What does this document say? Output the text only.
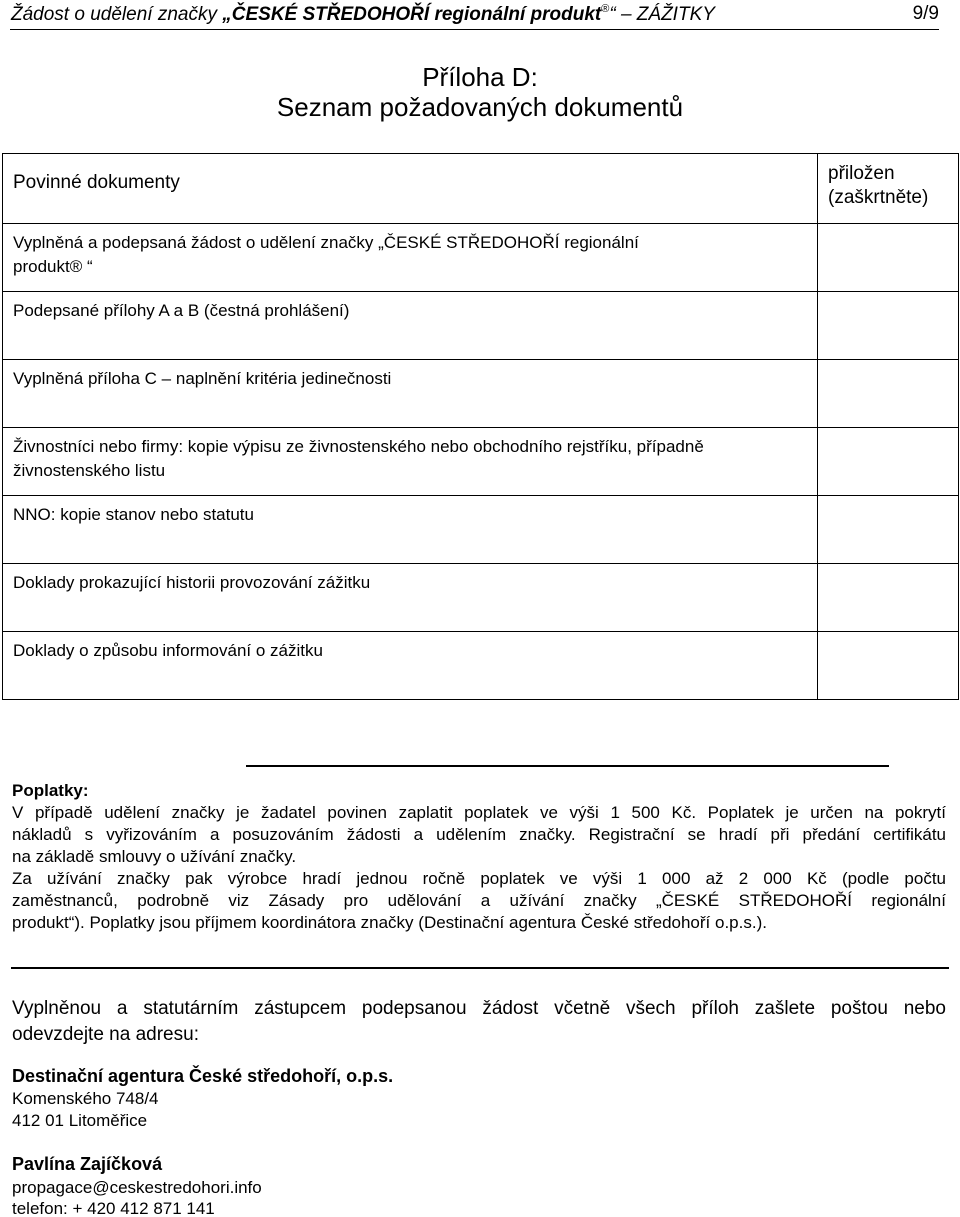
Žádost o udělení značky „ČESKÉ STŘEDOHOŘÍ regionální produkt®“ – ZÁŽITKY	9/9
Příloha D:
Seznam požadovaných dokumentů
Povinné dokumenty	přiložen
(zaškrtněte)
Vyplněná a podepsaná žádost o udělení značky „ČESKÉ STŘEDOHOŘÍ regionální
produkt® “	
Podepsané přílohy A a B (čestná prohlášení)	
Vyplněná příloha C – naplnění kritéria jedinečnosti	
Živnostníci nebo firmy: kopie výpisu ze živnostenského nebo obchodního rejstříku, případně
živnostenského listu	
NNO: kopie stanov nebo statutu	
Doklady prokazující historii provozování zážitku	
Doklady o způsobu informování o zážitku	
Poplatky:
V případě udělení značky je žadatel povinen zaplatit poplatek ve výši 1 500 Kč. Poplatek je určen na pokrytí
nákladů s vyřizováním a posuzováním žádosti a udělením značky. Registrační se hradí při předání certifikátu
na základě smlouvy o užívání značky.
Za užívání značky pak výrobce hradí jednou ročně poplatek ve výši 1 000 až 2 000 Kč (podle počtu
zaměstnanců, podrobně viz Zásady pro udělování a užívání značky „ČESKÉ STŘEDOHOŘÍ regionální
produkt“). Poplatky jsou příjmem koordinátora značky (Destinační agentura České středohoří o.p.s.).
Vyplněnou a statutárním zástupcem podepsanou žádost včetně všech příloh zašlete poštou nebo
odevzdejte na adresu:
Destinační agentura České středohoří, o.p.s.
Komenského 748/4
412 01 Litoměřice
Pavlína Zajíčková
propagace@ceskestredohori.info
telefon: + 420 412 871 141
